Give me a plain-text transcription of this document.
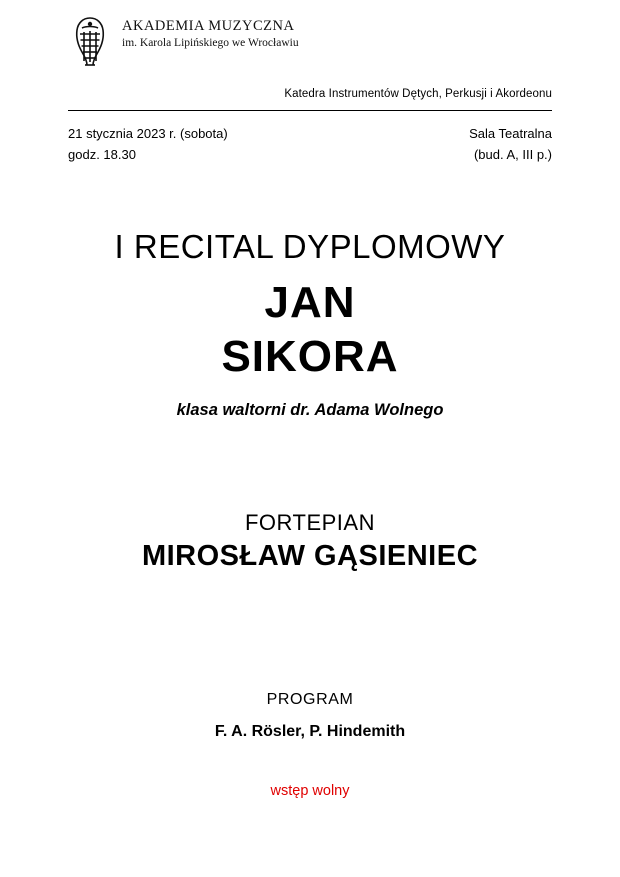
AKADEMIA MUZYCZNA
im. Karola Lipińskiego we Wrocławiu
Katedra Instrumentów Dętych, Perkusji i Akordeonu
21 stycznia 2023 r. (sobota)
godz. 18.30
Sala Teatralna
(bud. A, III p.)
I RECITAL DYPLOMOWY
JAN
SIKORA
klasa waltorni dr. Adama Wolnego
FORTEPIAN
MIROSŁAW GĄSIENIEC
PROGRAM
F. A. Rösler, P. Hindemith
wstęp wolny
